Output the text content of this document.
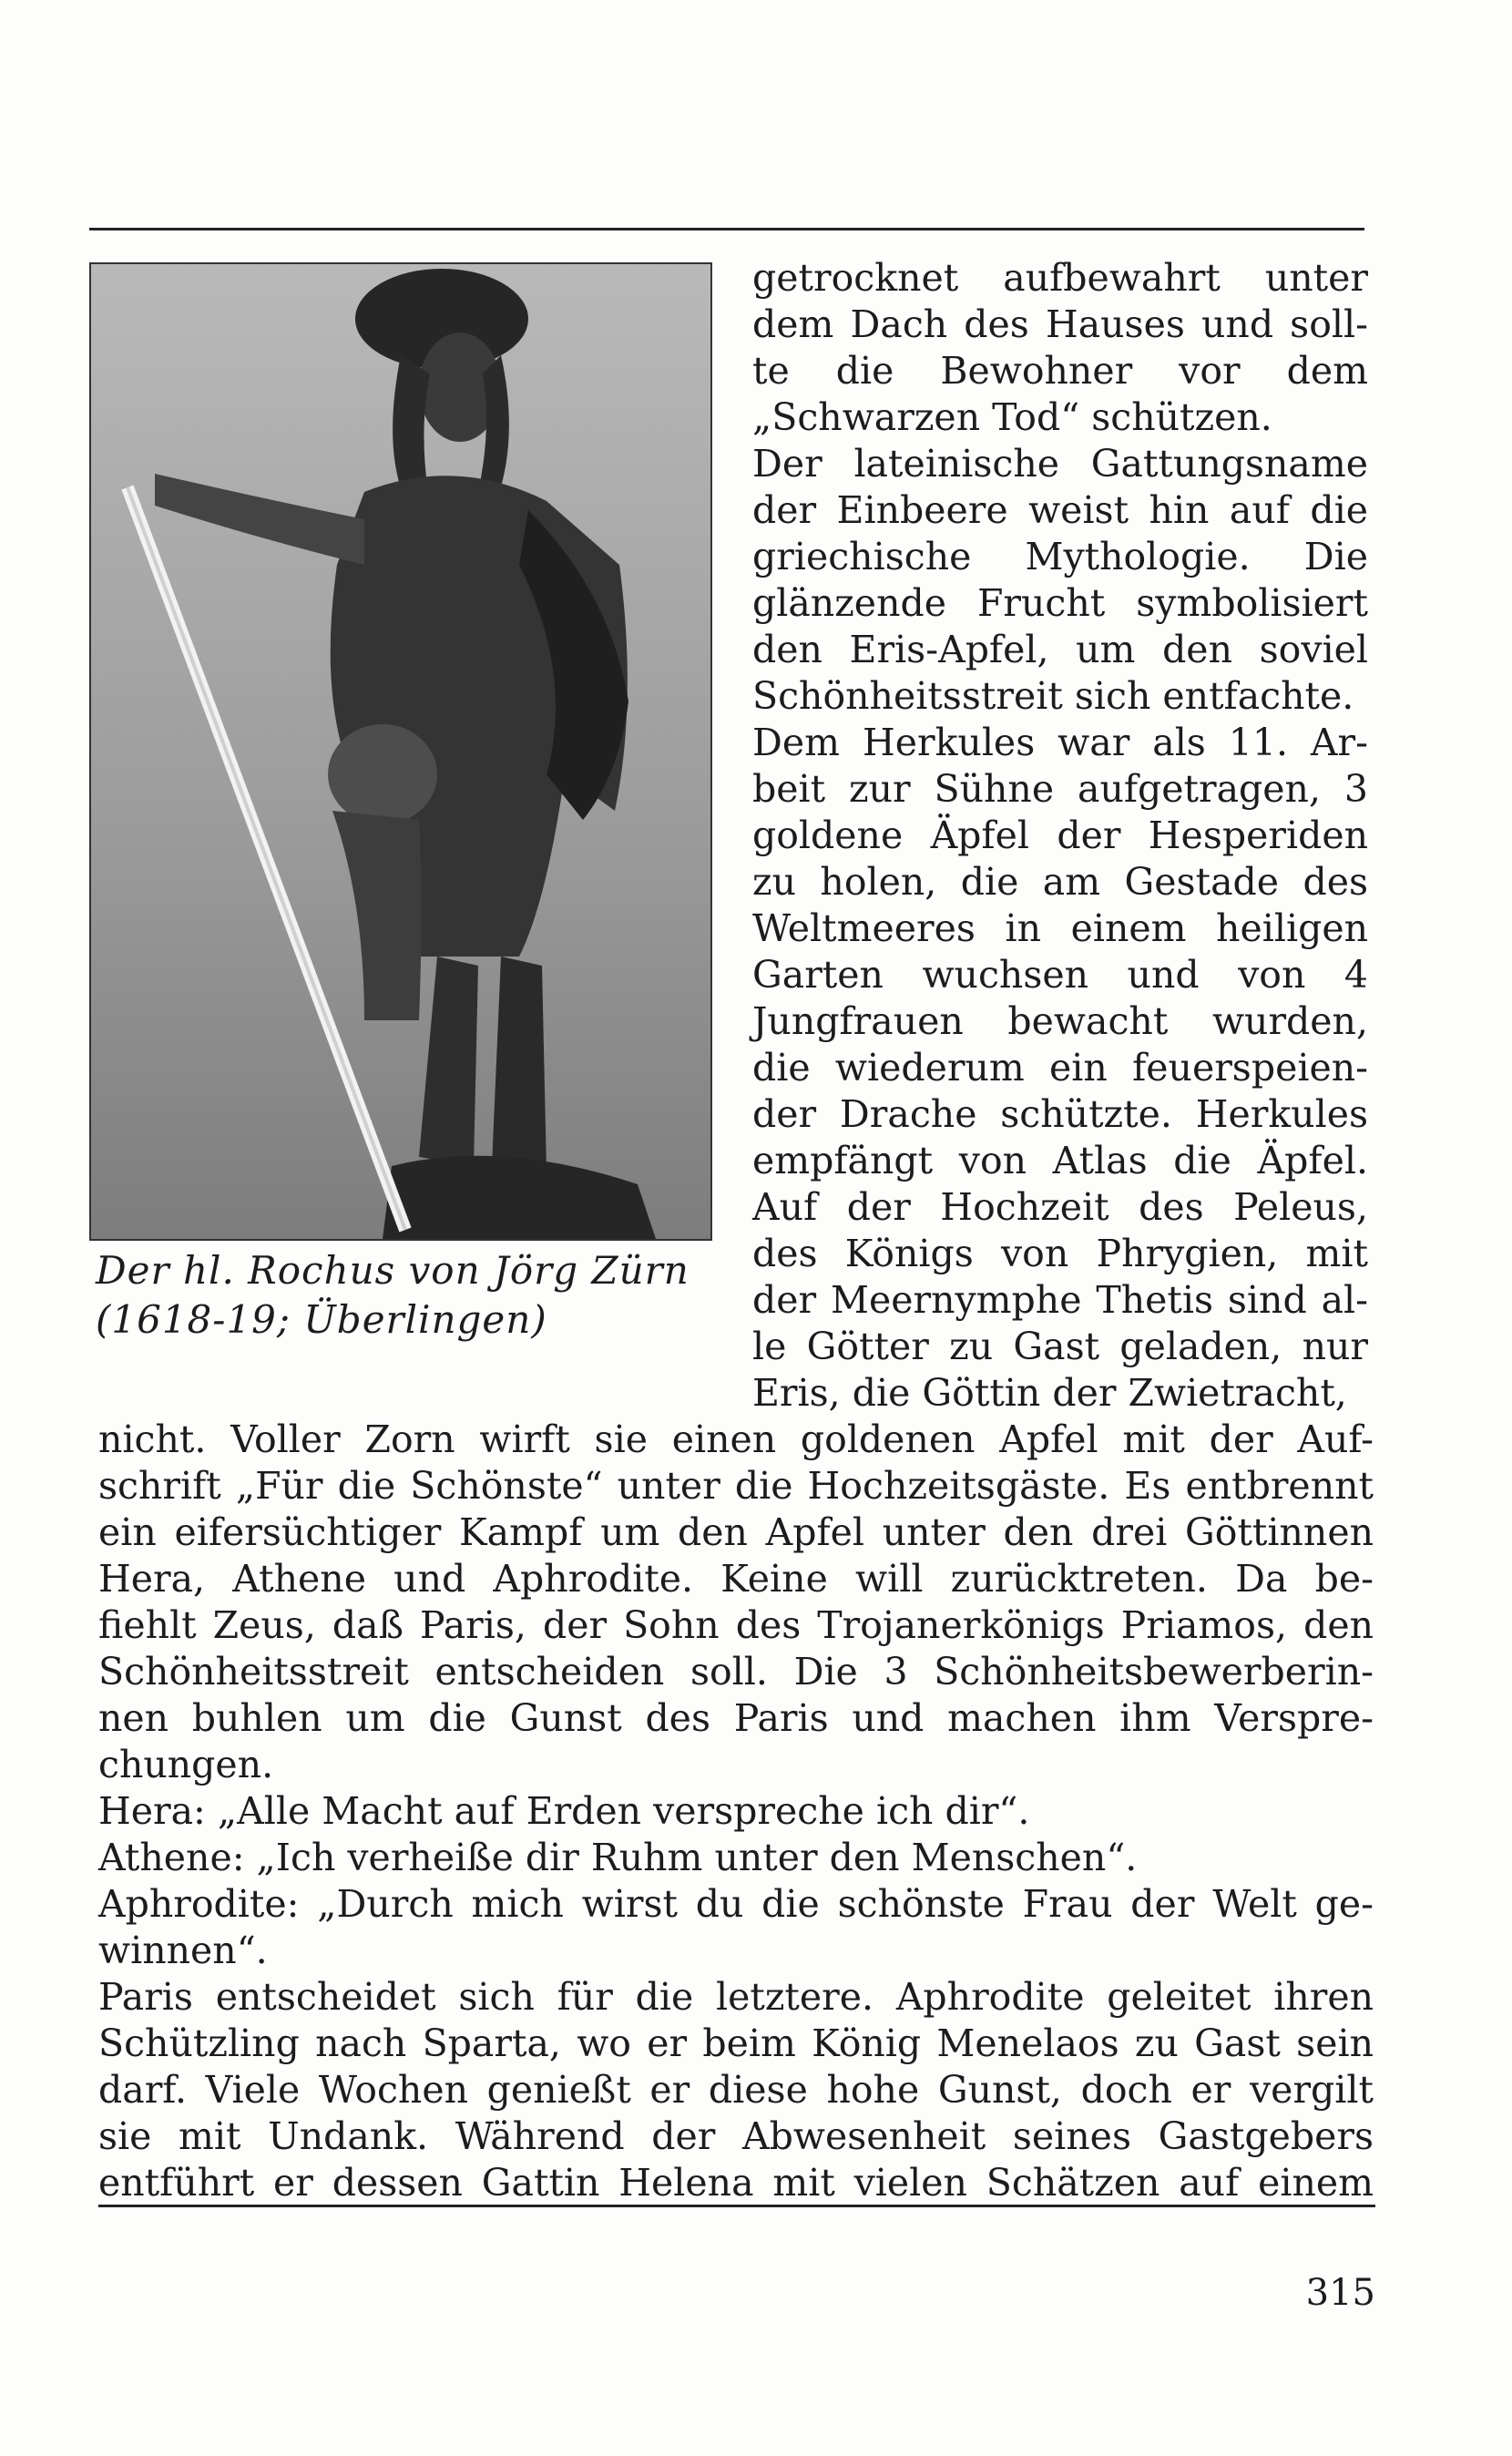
Der hl. Rochus von Jörg Zürn
(1618-19; Überlingen)
getrocknet aufbewahrt unter
dem Dach des Hauses und soll-
te die Bewohner vor dem
„Schwarzen Tod“ schützen.
Der lateinische Gattungsname
der Einbeere weist hin auf die
griechische Mythologie. Die
glänzende Frucht symbolisiert
den Eris-Apfel, um den soviel
Schönheitsstreit sich entfachte.
Dem Herkules war als 11. Ar-
beit zur Sühne aufgetragen, 3
goldene Äpfel der Hesperiden
zu holen, die am Gestade des
Weltmeeres in einem heiligen
Garten wuchsen und von 4
Jungfrauen bewacht wurden,
die wiederum ein feuerspeien-
der Drache schützte. Herkules
empfängt von Atlas die Äpfel.
Auf der Hochzeit des Peleus,
des Königs von Phrygien, mit
der Meernymphe Thetis sind al-
le Götter zu Gast geladen, nur
Eris, die Göttin der Zwietracht,
nicht. Voller Zorn wirft sie einen goldenen Apfel mit der Auf-
schrift „Für die Schönste“ unter die Hochzeitsgäste. Es entbrennt
ein eifersüchtiger Kampf um den Apfel unter den drei Göttinnen
Hera, Athene und Aphrodite. Keine will zurücktreten. Da be-
fiehlt Zeus, daß Paris, der Sohn des Trojanerkönigs Priamos, den
Schönheitsstreit entscheiden soll. Die 3 Schönheitsbewerberin-
nen buhlen um die Gunst des Paris und machen ihm Verspre-
chungen.
Hera: „Alle Macht auf Erden verspreche ich dir“.
Athene: „Ich verheiße dir Ruhm unter den Menschen“.
Aphrodite: „Durch mich wirst du die schönste Frau der Welt ge-
winnen“.
Paris entscheidet sich für die letztere. Aphrodite geleitet ihren
Schützling nach Sparta, wo er beim König Menelaos zu Gast sein
darf. Viele Wochen genießt er diese hohe Gunst, doch er vergilt
sie mit Undank. Während der Abwesenheit seines Gastgebers
entführt er dessen Gattin Helena mit vielen Schätzen auf einem
315
